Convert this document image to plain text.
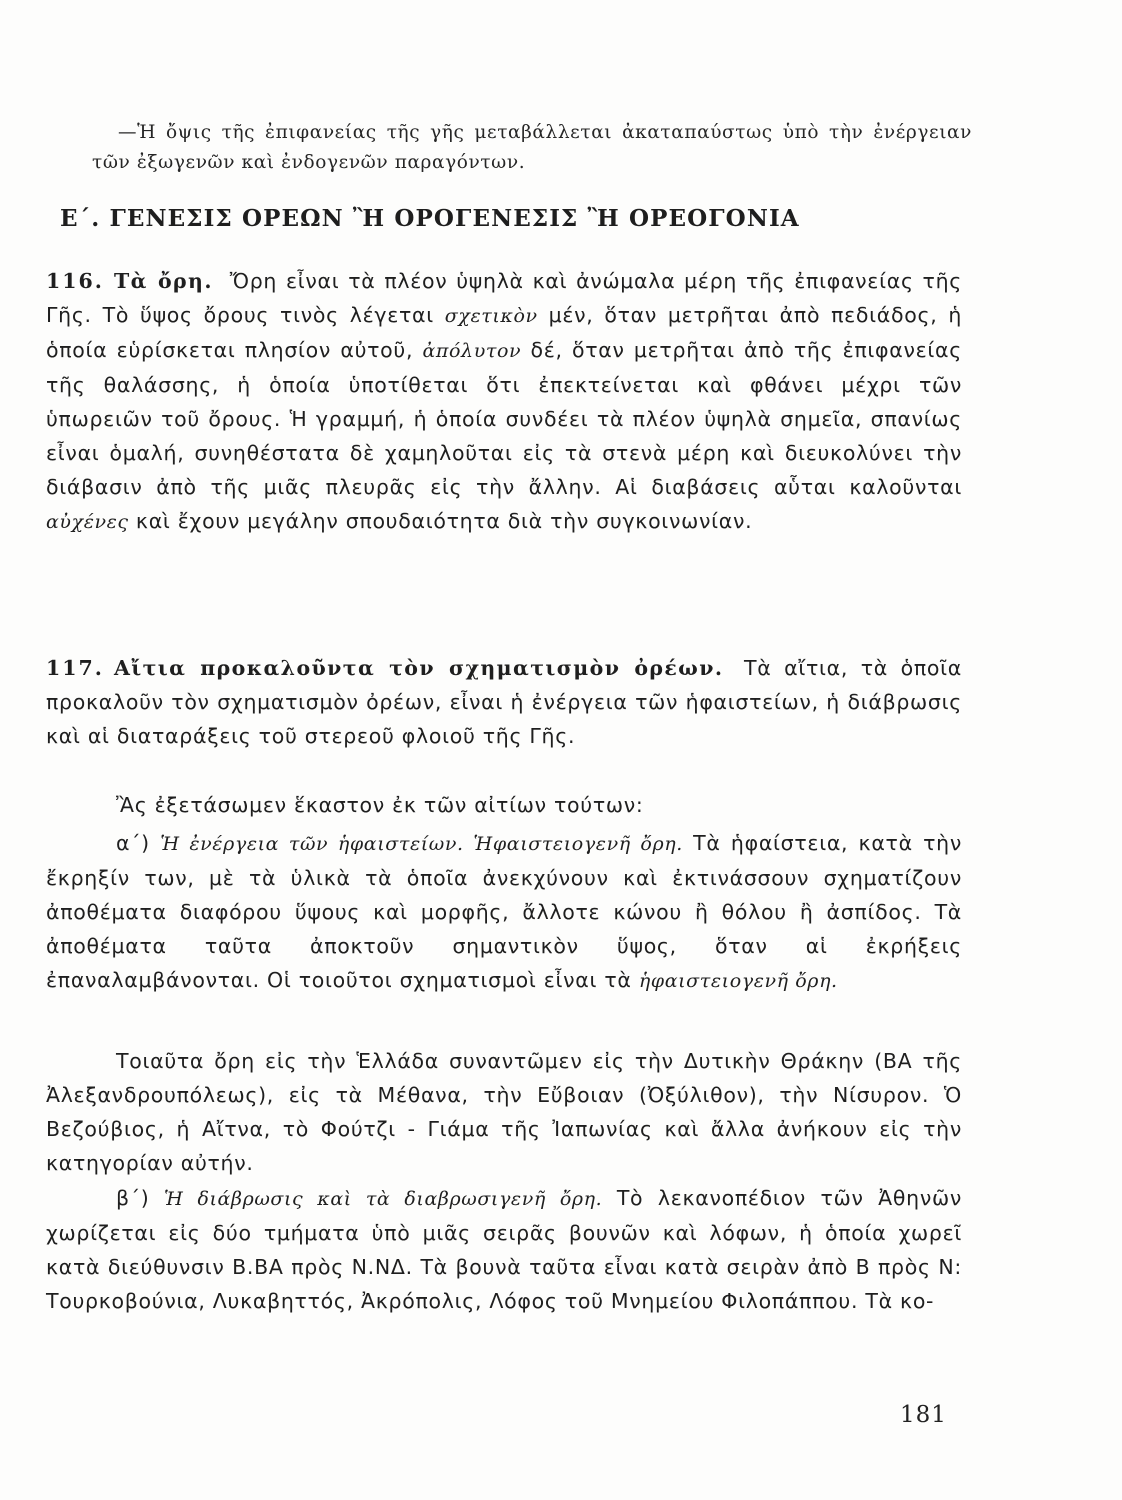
—Ἡ ὄψις τῆς ἐπιφανείας τῆς γῆς μεταβάλλεται ἀκαταπαύστως ὑπὸ τὴν ἐνέργειαν τῶν ἐξωγενῶν καὶ ἐνδογενῶν παραγόντων.

Ε΄. ΓΕΝΕΣΙΣ ΟΡΕΩΝ Ἢ ΟΡΟΓΕΝΕΣΙΣ Ἢ ΟΡΕΟΓΟΝΙΑ

116. Τὰ ὄρη. Ὄρη εἶναι τὰ πλέον ὑψηλὰ καὶ ἀνώμαλα μέρη τῆς ἐπιφανείας τῆς Γῆς. Τὸ ὕψος ὄρους τινὸς λέγεται σχετικὸν μέν, ὅταν μετρῆται ἀπὸ πεδιάδος, ἡ ὁποία εὑρίσκεται πλησίον αὐτοῦ, ἀπόλυτον δέ, ὅταν μετρῆται ἀπὸ τῆς ἐπιφανείας τῆς θαλάσσης, ἡ ὁποία ὑποτίθεται ὅτι ἐπεκτείνεται καὶ φθάνει μέχρι τῶν ὑπωρειῶν τοῦ ὄρους. Ἡ γραμμή, ἡ ὁποία συνδέει τὰ πλέον ὑψηλὰ σημεῖα, σπανίως εἶναι ὁμαλή, συνηθέστατα δὲ χαμηλοῦται εἰς τὰ στενὰ μέρη καὶ διευκολύνει τὴν διάβασιν ἀπὸ τῆς μιᾶς πλευρᾶς εἰς τὴν ἄλλην. Αἱ διαβάσεις αὗται καλοῦνται αὐχένες καὶ ἔχουν μεγάλην σπουδαιότητα διὰ τὴν συγκοινωνίαν.

117. Αἴτια προκαλοῦντα τὸν σχηματισμὸν ὀρέων. Τὰ αἴτια, τὰ ὁποῖα προκαλοῦν τὸν σχηματισμὸν ὀρέων, εἶναι ἡ ἐνέργεια τῶν ἡφαιστείων, ἡ διάβρωσις καὶ αἱ διαταράξεις τοῦ στερεοῦ φλοιοῦ τῆς Γῆς.

Ἂς ἐξετάσωμεν ἕκαστον ἐκ τῶν αἰτίων τούτων:

α΄) Ἡ ἐνέργεια τῶν ἡφαιστείων. Ἡφαιστειογενῆ ὄρη. Τὰ ἡφαίστεια, κατὰ τὴν ἔκρηξίν των, μὲ τὰ ὑλικὰ τὰ ὁποῖα ἀνεκχύνουν καὶ ἐκτινάσσουν σχηματίζουν ἀποθέματα διαφόρου ὕψους καὶ μορφῆς, ἄλλοτε κώνου ἢ θόλου ἢ ἀσπίδος. Τὰ ἀποθέματα ταῦτα ἀποκτοῦν σημαντικὸν ὕψος, ὅταν αἱ ἐκρήξεις ἐπαναλαμβάνονται. Οἱ τοιοῦτοι σχηματισμοὶ εἶναι τὰ ἡφαιστειογενῆ ὄρη.

Τοιαῦτα ὄρη εἰς τὴν Ἑλλάδα συναντῶμεν εἰς τὴν Δυτικὴν Θράκην (ΒΑ τῆς Ἀλεξανδρουπόλεως), εἰς τὰ Μέθανα, τὴν Εὔβοιαν (Ὀξύλιθον), τὴν Νίσυρον. Ὁ Βεζούβιος, ἡ Αἴτνα, τὸ Φούτζι - Γιάμα τῆς Ἰαπωνίας καὶ ἄλλα ἀνήκουν εἰς τὴν κατηγορίαν αὐτήν.

β΄) Ἡ διάβρωσις καὶ τὰ διαβρωσιγενῆ ὄρη. Τὸ λεκανοπέδιον τῶν Ἀθηνῶν χωρίζεται εἰς δύο τμήματα ὑπὸ μιᾶς σειρᾶς βουνῶν καὶ λόφων, ἡ ὁποία χωρεῖ κατὰ διεύθυνσιν Β.ΒΑ πρὸς Ν.ΝΔ. Τὰ βουνὰ ταῦτα εἶναι κατὰ σειρὰν ἀπὸ Β πρὸς Ν: Τουρκοβούνια, Λυκαβηττός, Ἀκρόπολις, Λόφος τοῦ Μνημείου Φιλοπάππου. Τὰ κο-

181
